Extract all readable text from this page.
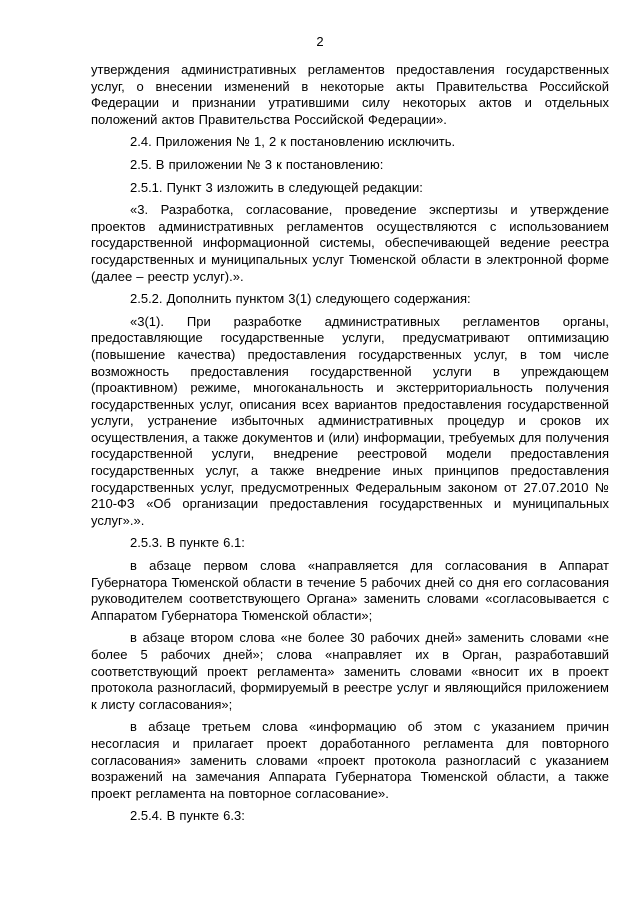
2

утверждения административных регламентов предоставления государственных услуг, о внесении изменений в некоторые акты Правительства Российской Федерации и признании утратившими силу некоторых актов и отдельных положений актов Правительства Российской Федерации».

2.4. Приложения № 1, 2 к постановлению исключить.

2.5. В приложении № 3 к постановлению:

2.5.1. Пункт 3 изложить в следующей редакции:

«3. Разработка, согласование, проведение экспертизы и утверждение проектов административных регламентов осуществляются с использованием государственной информационной системы, обеспечивающей ведение реестра государственных и муниципальных услуг Тюменской области в электронной форме (далее – реестр услуг).».

2.5.2. Дополнить пунктом 3(1) следующего содержания:

«3(1). При разработке административных регламентов органы, предоставляющие государственные услуги, предусматривают оптимизацию (повышение качества) предоставления государственных услуг, в том числе возможность предоставления государственной услуги в упреждающем (проактивном) режиме, многоканальность и экстерриториальность получения государственных услуг, описания всех вариантов предоставления государственной услуги, устранение избыточных административных процедур и сроков их осуществления, а также документов и (или) информации, требуемых для получения государственной услуги, внедрение реестровой модели предоставления государственных услуг, а также внедрение иных принципов предоставления государственных услуг, предусмотренных Федеральным законом от 27.07.2010 № 210-ФЗ «Об организации предоставления государственных и муниципальных услуг».».

2.5.3. В пункте 6.1:

в абзаце первом слова «направляется для согласования в Аппарат Губернатора Тюменской области в течение 5 рабочих дней со дня его согласования руководителем соответствующего Органа» заменить словами «согласовывается с Аппаратом Губернатора Тюменской области»;

в абзаце втором слова «не более 30 рабочих дней» заменить словами «не более 5 рабочих дней»; слова «направляет их в Орган, разработавший соответствующий проект регламента» заменить словами «вносит их в проект протокола разногласий, формируемый в реестре услуг и являющийся приложением к листу согласования»;

в абзаце третьем слова «информацию об этом с указанием причин несогласия и прилагает проект доработанного регламента для повторного согласования» заменить словами «проект протокола разногласий с указанием возражений на замечания Аппарата Губернатора Тюменской области, а также проект регламента на повторное согласование».

2.5.4. В пункте 6.3:
